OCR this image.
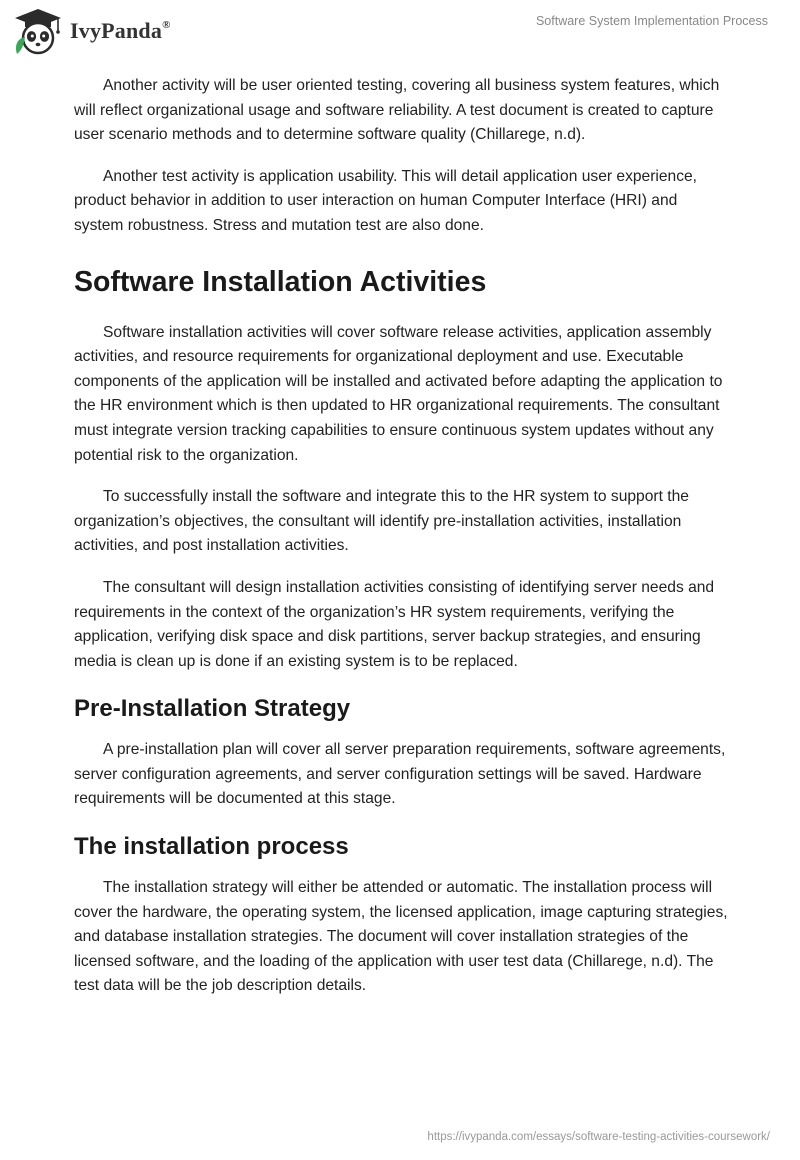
IvyPanda®	Software System Implementation Process

Another activity will be user oriented testing, covering all business system features, which will reflect organizational usage and software reliability. A test document is created to capture user scenario methods and to determine software quality (Chillarege, n.d).

Another test activity is application usability. This will detail application user experience, product behavior in addition to user interaction on human Computer Interface (HRI) and system robustness. Stress and mutation test are also done.

Software Installation Activities

Software installation activities will cover software release activities, application assembly activities, and resource requirements for organizational deployment and use. Executable components of the application will be installed and activated before adapting the application to the HR environment which is then updated to HR organizational requirements. The consultant must integrate version tracking capabilities to ensure continuous system updates without any potential risk to the organization.

To successfully install the software and integrate this to the HR system to support the organization’s objectives, the consultant will identify pre-installation activities, installation activities, and post installation activities.

The consultant will design installation activities consisting of identifying server needs and requirements in the context of the organization’s HR system requirements, verifying the application, verifying disk space and disk partitions, server backup strategies, and ensuring media is clean up is done if an existing system is to be replaced.

Pre-Installation Strategy

A pre-installation plan will cover all server preparation requirements, software agreements, server configuration agreements, and server configuration settings will be saved. Hardware requirements will be documented at this stage.

The installation process

The installation strategy will either be attended or automatic. The installation process will cover the hardware, the operating system, the licensed application, image capturing strategies, and database installation strategies. The document will cover installation strategies of the licensed software, and the loading of the application with user test data (Chillarege, n.d). The test data will be the job description details.

https://ivypanda.com/essays/software-testing-activities-coursework/
